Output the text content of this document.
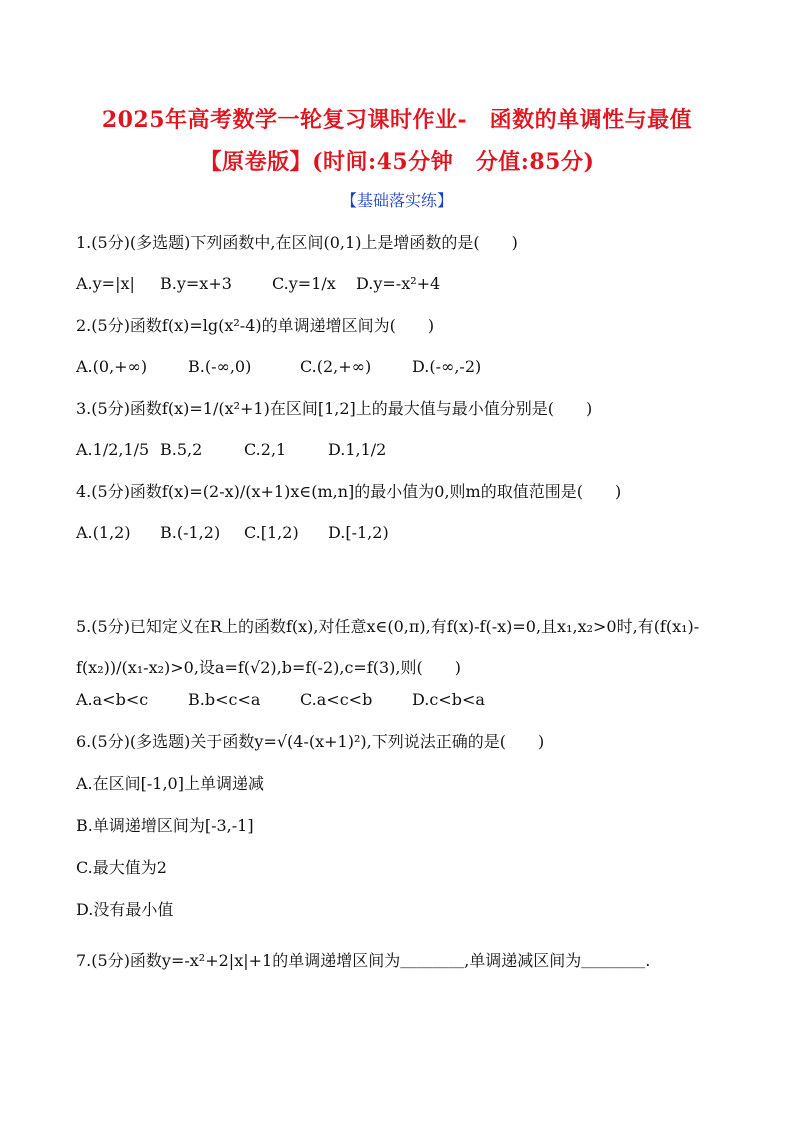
2025年高考数学一轮复习课时作业-　函数的单调性与最值
【原卷版】(时间:45分钟　分值:85分)
【基础落实练】
1.(5分)(多选题)下列函数中,在区间(0,1)上是增函数的是(　　)
A.y=|x| B.y=x+3	C.y=1/x D.y=-x²+4
2.(5分)函数f(x)=lg(x²-4)的单调递增区间为(　　)
A.(0,+∞)	B.(-∞,0)	C.(2,+∞)	D.(-∞,-2)
3.(5分)函数f(x)=1/(x²+1)在区间[1,2]上的最大值与最小值分别是(　　)
A.1/2,1/5 B.5,2	C.2,1	D.1,1/2
4.(5分)函数f(x)=(2-x)/(x+1)x∈(m,n]的最小值为0,则m的取值范围是(　　)
A.(1,2) B.(-1,2) C.[1,2) D.[-1,2)
5.(5分)已知定义在R上的函数f(x),对任意x∈(0,π),有f(x)-f(-x)=0,且x₁,x₂>0时,有(f(x₁)-f(x₂))/(x₁-x₂)>0,设a=f(√2),b=f(-2),c=f(3),则(　　)
A.a<b<c B.b<c<a C.a<c<b D.c<b<a
6.(5分)(多选题)关于函数y=√(4-(x+1)²),下列说法正确的是(　　)
A.在区间[-1,0]上单调递减
B.单调递增区间为[-3,-1]
C.最大值为2
D.没有最小值
7.(5分)函数y=-x²+2|x|+1的单调递增区间为＿＿＿＿,单调递减区间为＿＿＿＿.
